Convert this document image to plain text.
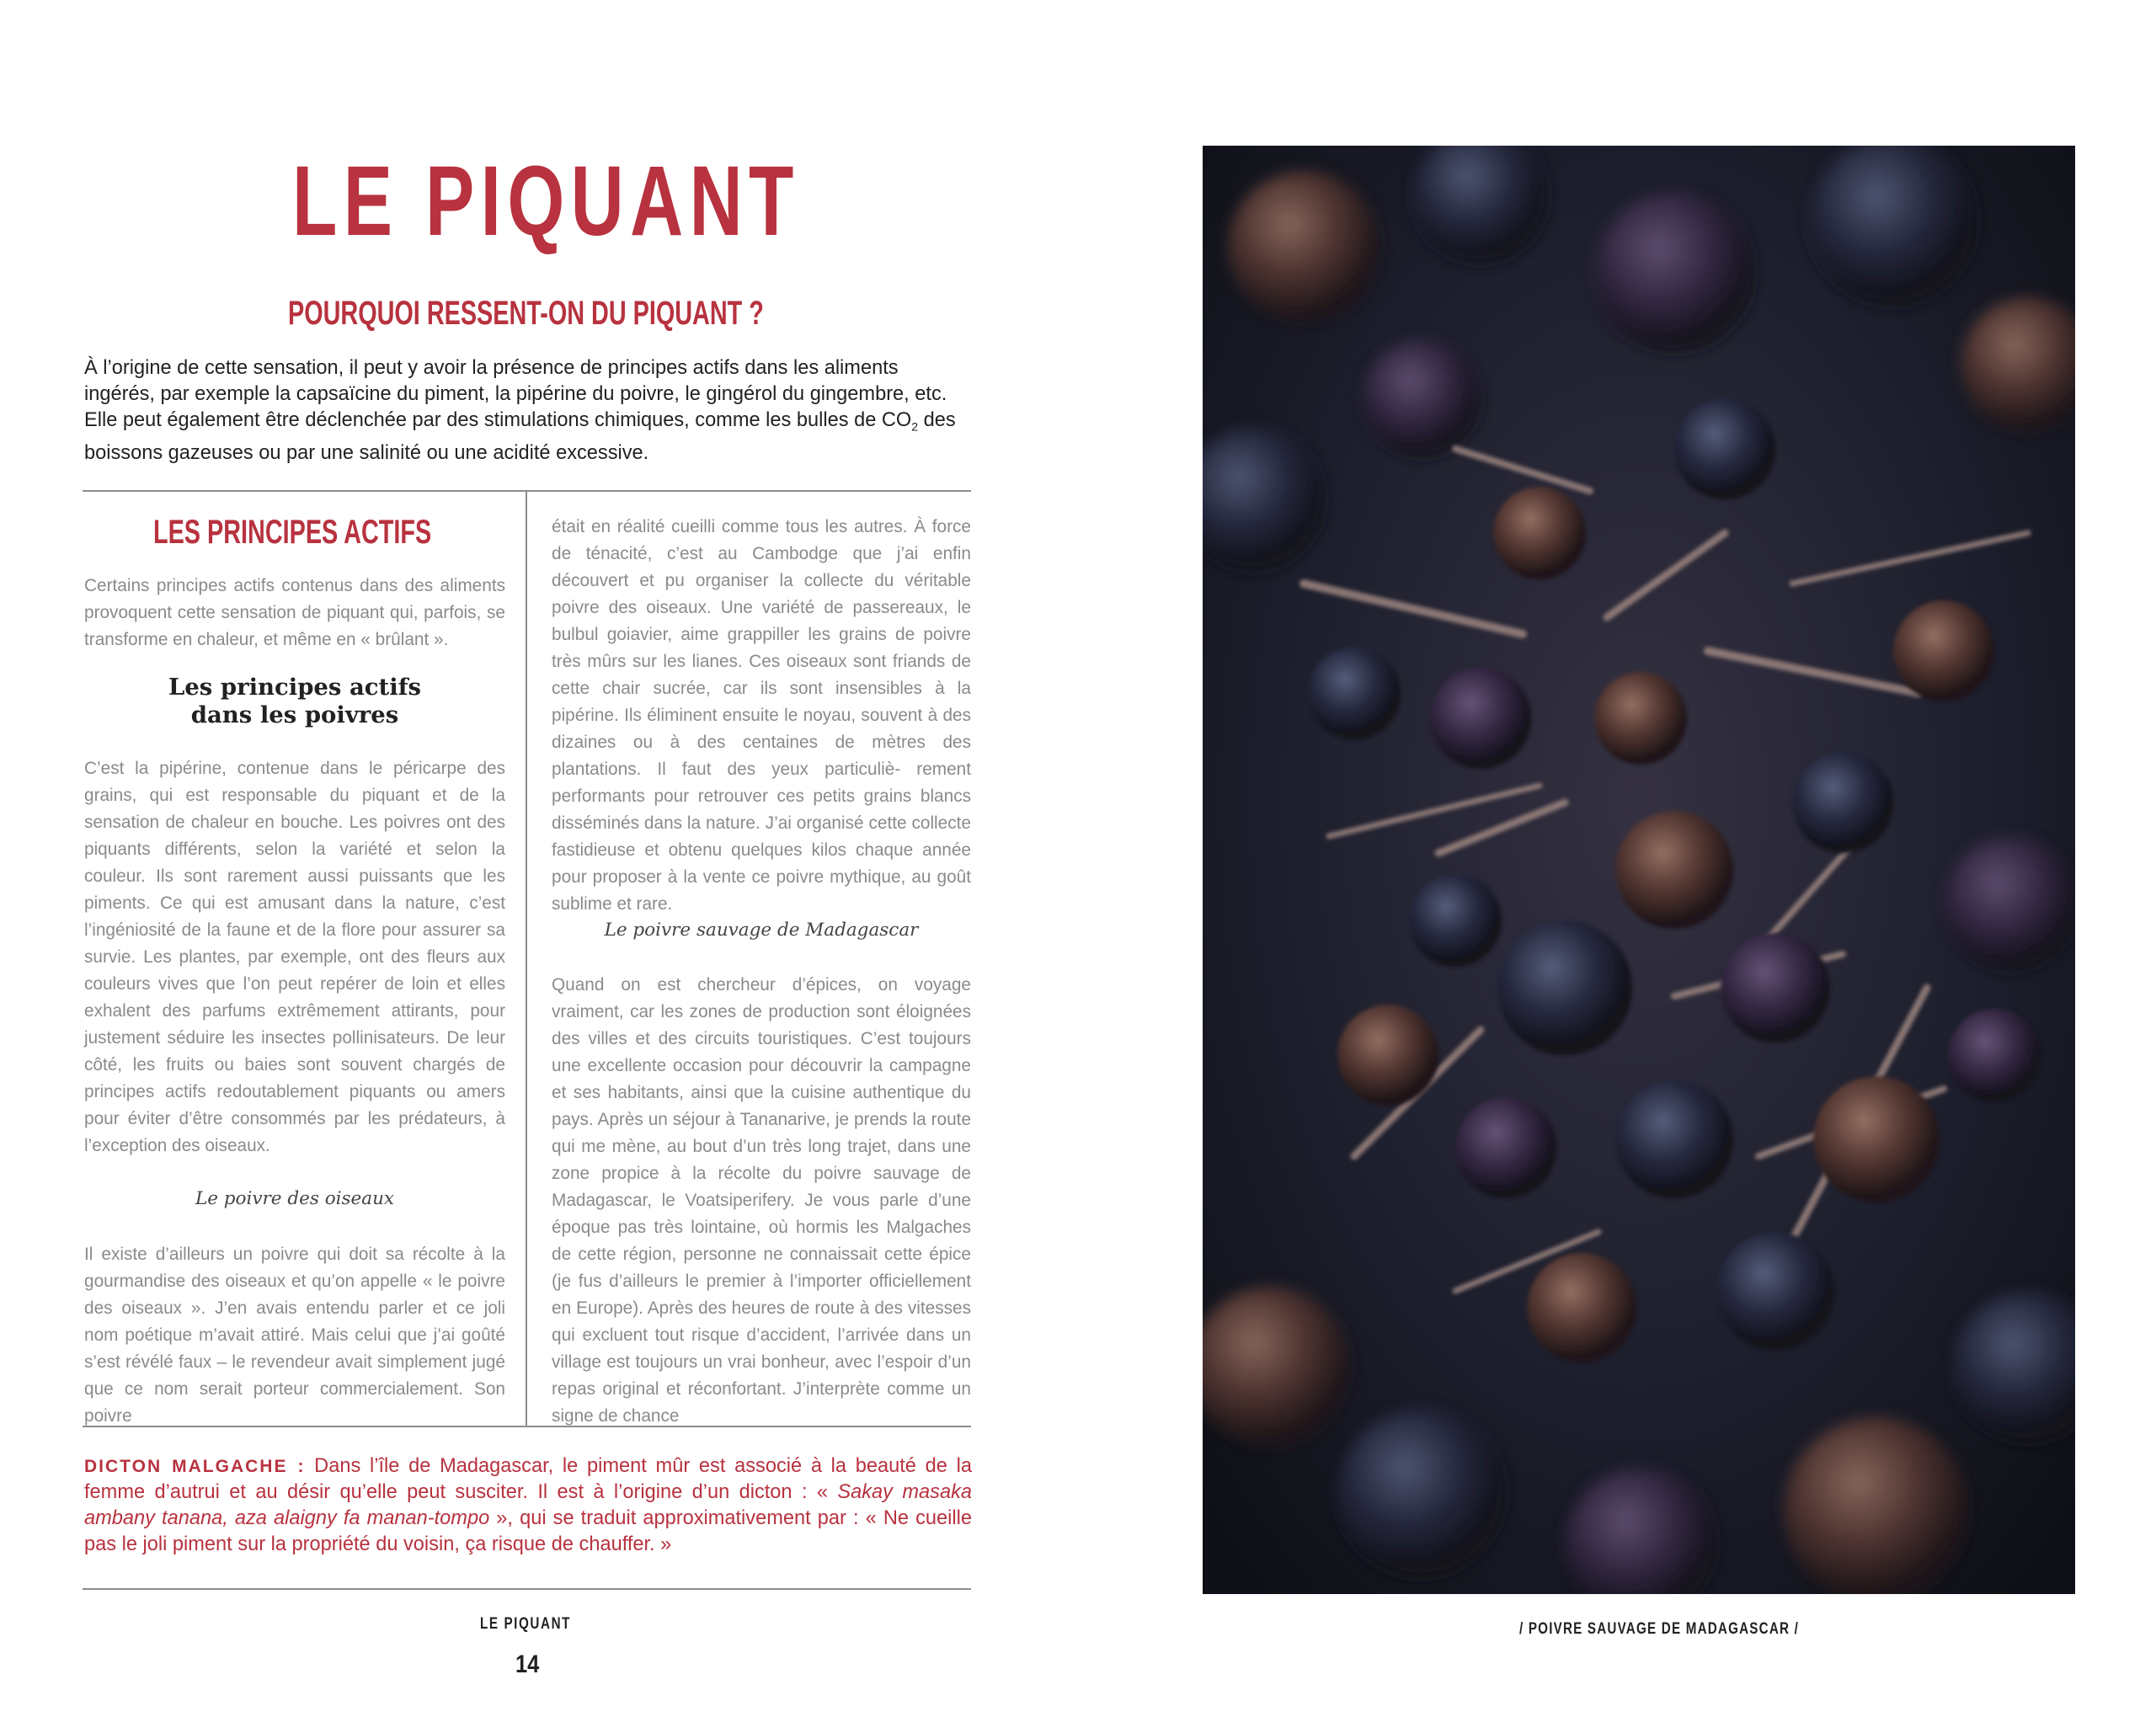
LE PIQUANT
POURQUOI RESSENT-ON DU PIQUANT ?
À l’origine de cette sensation, il peut y avoir la présence de principes actifs dans les aliments ingérés, par exemple la capsaïcine du piment, la pipérine du poivre, le gingérol du gingembre, etc. Elle peut également être déclenchée par des stimulations chimiques, comme les bulles de $CO_2$ des boissons gazeuses ou par une salinité ou une acidité excessive.
LES PRINCIPES ACTIFS

Certains principes actifs contenus dans des aliments provoquent cette sensation de piquant qui, parfois, se transforme en chaleur, et même en « brûlant ».

Les principes actifs
dans les poivres

C’est la pipérine, contenue dans le péricarpe des grains, qui est responsable du piquant et de la sensation de chaleur en bouche. Les poivres ont des piquants différents, selon la variété et selon la couleur. Ils sont rarement aussi puissants que les piments. Ce qui est amusant dans la nature, c’est l’ingéniosité de la faune et de la flore pour assurer sa survie. Les plantes, par exemple, ont des fleurs aux couleurs vives que l’on peut repérer de loin et elles exhalent des parfums extrêmement attirants, pour justement séduire les insectes pollinisateurs. De leur côté, les fruits ou baies sont souvent chargés de principes actifs redoutablement piquants ou amers pour éviter d’être consommés par les prédateurs, à l’exception des oiseaux.

Le poivre des oiseaux

Il existe d’ailleurs un poivre qui doit sa récolte à la gourmandise des oiseaux et qu’on appelle « le poivre des oiseaux ». J’en avais entendu parler et ce joli nom poétique m’avait attiré. Mais celui que j’ai goûté s’est révélé faux – le revendeur avait simplement jugé que ce nom serait porteur commercialement. Son poivre

était en réalité cueilli comme tous les autres. À force de ténacité, c’est au Cambodge que j’ai enfin découvert et pu organiser la collecte du véritable poivre des oiseaux. Une variété de passereaux, le bulbul goiavier, aime grappiller les grains de poivre très mûrs sur les lianes. Ces oiseaux sont friands de cette chair sucrée, car ils sont insensibles à la pipérine. Ils éliminent ensuite le noyau, souvent à des dizaines ou à des centaines de mètres des plantations. Il faut des yeux particuliè- rement performants pour retrouver ces petits grains blancs disséminés dans la nature. J’ai organisé cette collecte fastidieuse et obtenu quelques kilos chaque année pour proposer à la vente ce poivre mythique, au goût sublime et rare.

Le poivre sauvage de Madagascar

Quand on est chercheur d’épices, on voyage vraiment, car les zones de production sont éloignées des villes et des circuits touristiques. C’est toujours une excellente occasion pour découvrir la campagne et ses habitants, ainsi que la cuisine authentique du pays. Après un séjour à Tananarive, je prends la route qui me mène, au bout d’un très long trajet, dans une zone propice à la récolte du poivre sauvage de Madagascar, le Voatsiperifery. Je vous parle d’une époque pas très lointaine, où hormis les Malgaches de cette région, personne ne connaissait cette épice (je fus d’ailleurs le premier à l’importer officiellement en Europe). Après des heures de route à des vitesses qui excluent tout risque d’accident, l’arrivée dans un village est toujours un vrai bonheur, avec l’espoir d’un repas original et réconfortant. J’interprète comme un signe de chance

DICTON MALGACHE : Dans l’île de Madagascar, le piment mûr est associé à la beauté de la femme d’autrui et au désir qu’elle peut susciter. Il est à l’origine d’un dicton : « Sakay masaka ambany tanana, aza alaigny fa manan-tompo », qui se traduit approximativement par : « Ne cueille pas le joli piment sur la propriété du voisin, ça risque de chauffer. »
LE PIQUANT
14
/ POIVRE SAUVAGE DE MADAGASCAR /
